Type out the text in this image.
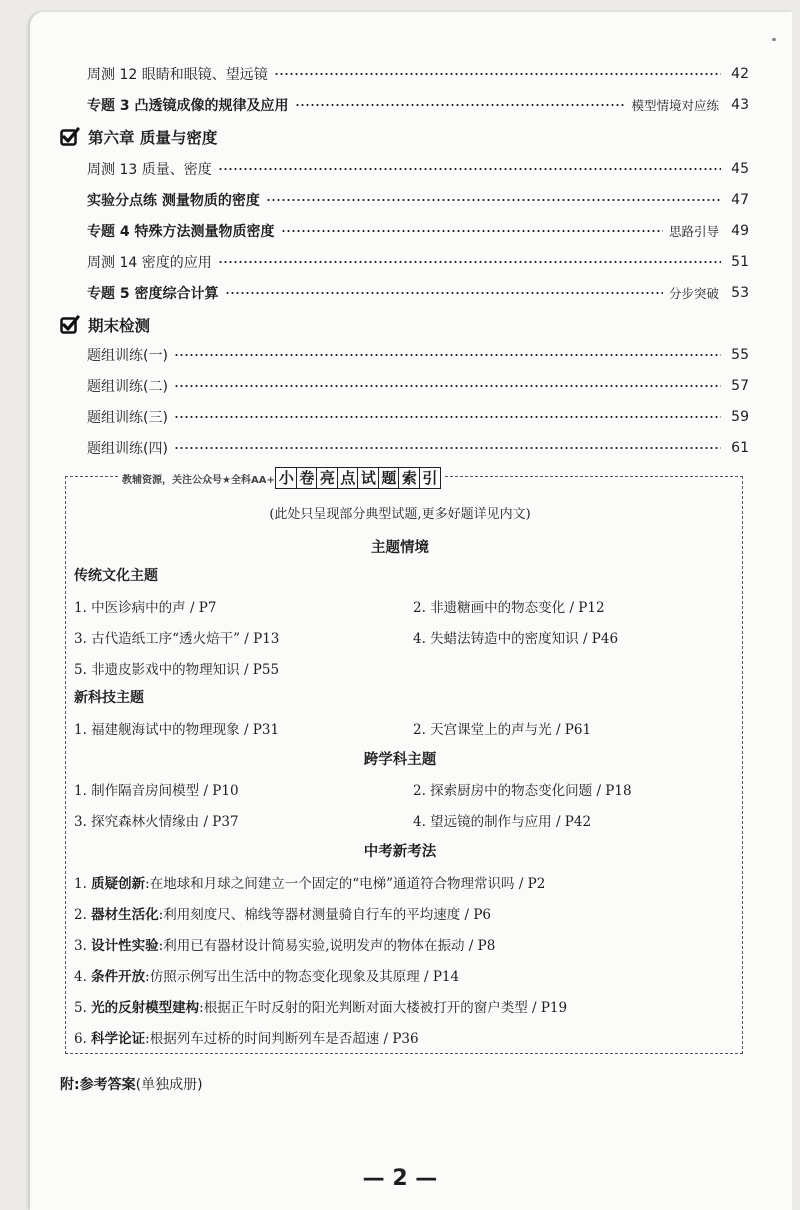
周测 12 眼睛和眼镜、望远镜	42
专题 3 凸透镜成像的规律及应用	模型情境对应练 43
第六章 质量与密度
周测 13 质量、密度	45
实验分点练 测量物质的密度	47
专题 4 特殊方法测量物质密度	思路引导 49
周测 14 密度的应用	51
专题 5 密度综合计算	分步突破 53
期末检测
题组训练(一)	55
题组训练(二)	57
题组训练(三)	59
题组训练(四)	61
教辅资源，关注公众号★全科AA+ 小 卷 亮 点 试 题 索 引
(此处只呈现部分典型试题,更多好题详见内文)
主题情境
传统文化主题
1. 中医诊病中的声 / P7	2. 非遗糖画中的物态变化 / P12
3. 古代造纸工序“透火焙干” / P13	4. 失蜡法铸造中的密度知识 / P46
5. 非遗皮影戏中的物理知识 / P55
新科技主题
1. 福建舰海试中的物理现象 / P31	2. 天宫课堂上的声与光 / P61
跨学科主题
1. 制作隔音房间模型 / P10	2. 探索厨房中的物态变化问题 / P18
3. 探究森林火情缘由 / P37	4. 望远镜的制作与应用 / P42
中考新考法
1. 质疑创新:在地球和月球之间建立一个固定的“电梯”通道符合物理常识吗 / P2
2. 器材生活化:利用刻度尺、棉线等器材测量骑自行车的平均速度 / P6
3. 设计性实验:利用已有器材设计简易实验,说明发声的物体在振动 / P8
4. 条件开放:仿照示例写出生活中的物态变化现象及其原理 / P14
5. 光的反射模型建构:根据正午时反射的阳光判断对面大楼被打开的窗户类型 / P19
6. 科学论证:根据列车过桥的时间判断列车是否超速 / P36
附:参考答案(单独成册)
— 2 —
